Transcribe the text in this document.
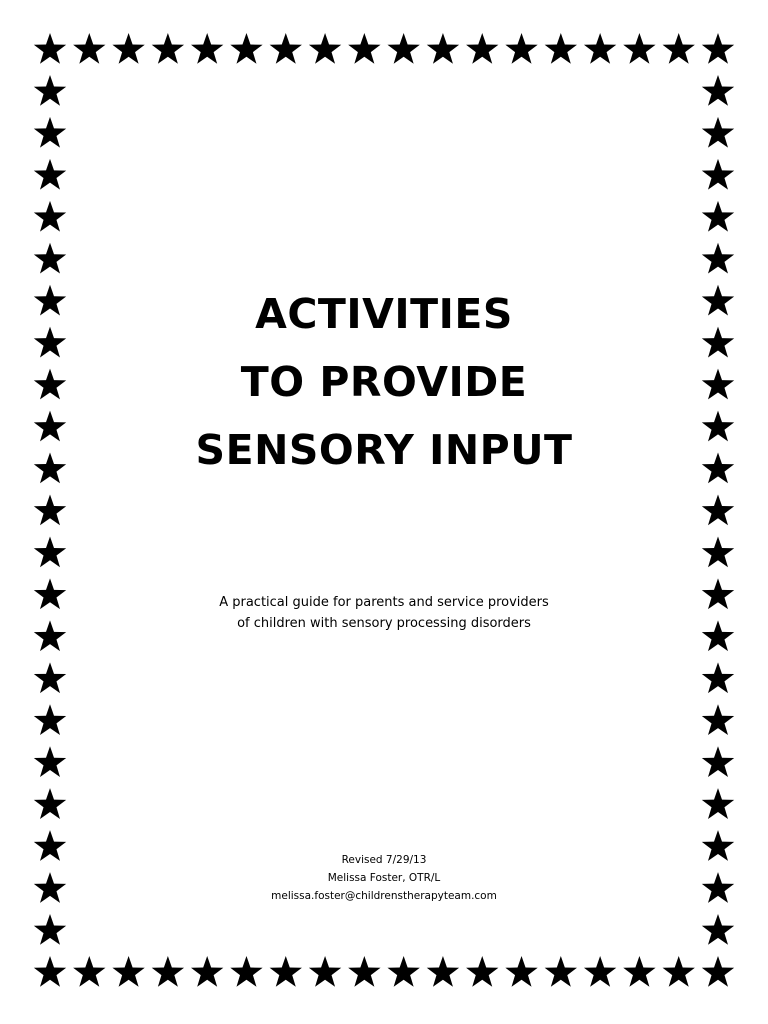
ACTIVITIES
TO PROVIDE
SENSORY INPUT
A practical guide for parents and service providers
of children with sensory processing disorders
Revised 7/29/13
Melissa Foster, OTR/L
melissa.foster@childrenstherapyteam.com
